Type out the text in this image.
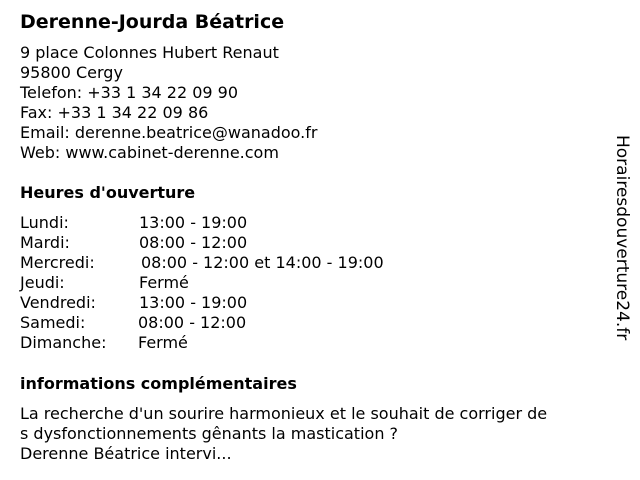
Derenne-Jourda Béatrice
9 place Colonnes Hubert Renaut
95800 Cergy
Telefon: +33 1 34 22 09 90
Fax: +33 1 34 22 09 86
Email: derenne.beatrice@wanadoo.fr
Web: www.cabinet-derenne.com
Heures d'ouverture
Lundi:	13:00 - 19:00
Mardi:	08:00 - 12:00
Mercredi:	08:00 - 12:00 et 14:00 - 19:00
Jeudi:	Fermé
Vendredi:	13:00 - 19:00
Samedi:	08:00 - 12:00
Dimanche: Fermé
informations complémentaires
La recherche d'un sourire harmonieux et le souhait de corriger de
s dysfonctionnements gênants la mastication ?
Derenne Béatrice intervi...
Horairesdouverture24.fr
